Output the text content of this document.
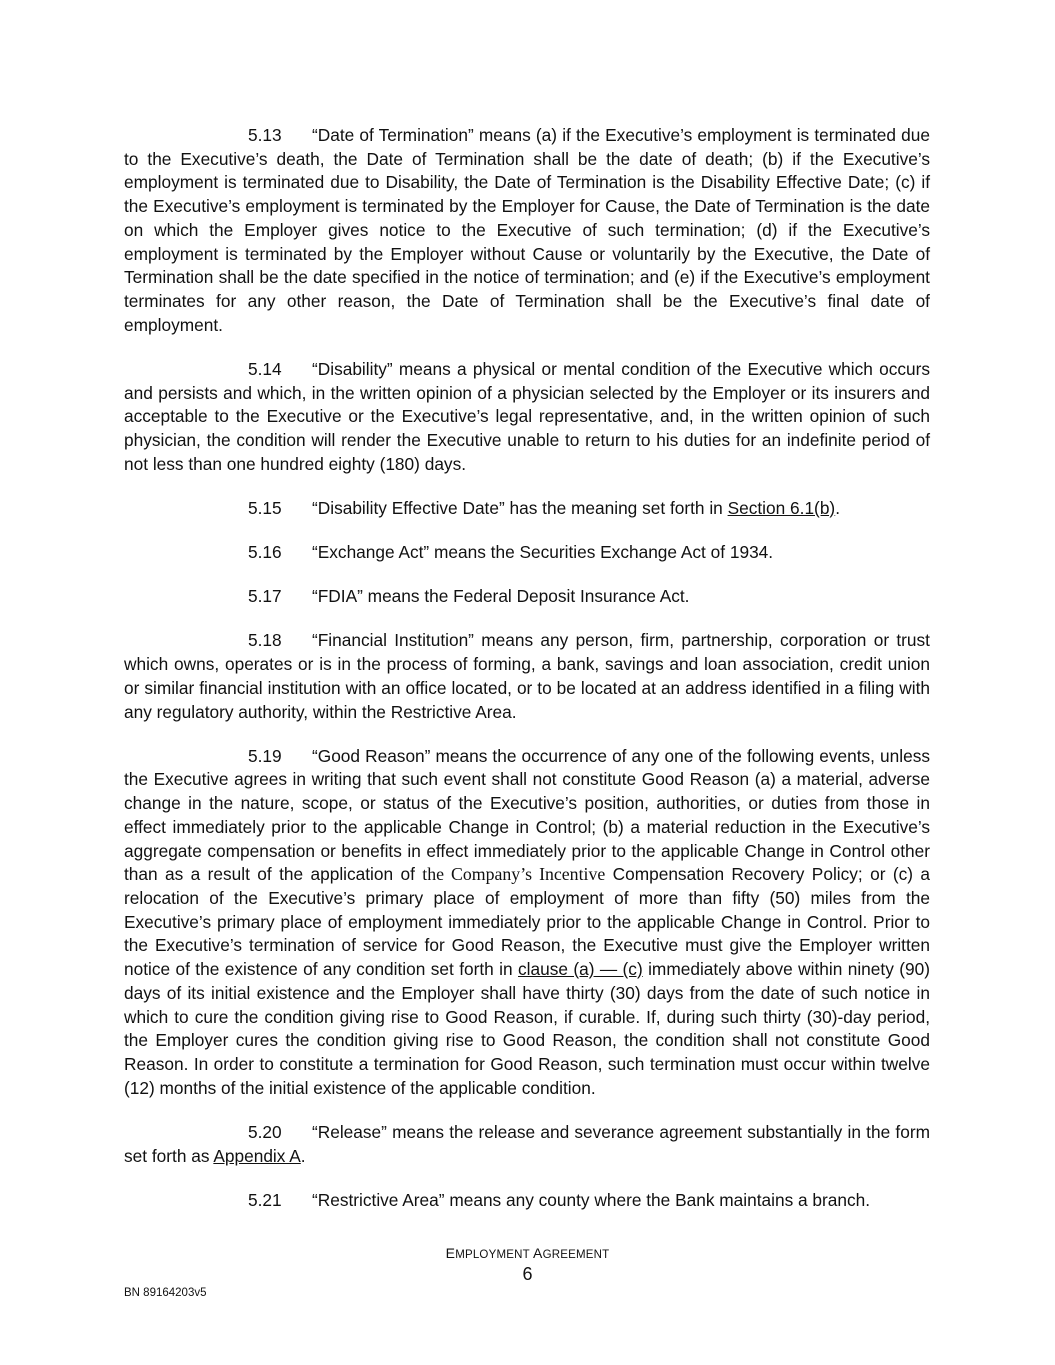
5.13 “Date of Termination” means (a) if the Executive’s employment is terminated due to the Executive’s death, the Date of Termination shall be the date of death; (b) if the Executive’s employment is terminated due to Disability, the Date of Termination is the Disability Effective Date; (c) if the Executive’s employment is terminated by the Employer for Cause, the Date of Termination is the date on which the Employer gives notice to the Executive of such termination; (d) if the Executive’s employment is terminated by the Employer without Cause or voluntarily by the Executive, the Date of Termination shall be the date specified in the notice of termination; and (e) if the Executive’s employment terminates for any other reason, the Date of Termination shall be the Executive’s final date of employment.

5.14 “Disability” means a physical or mental condition of the Executive which occurs and persists and which, in the written opinion of a physician selected by the Employer or its insurers and acceptable to the Executive or the Executive’s legal representative, and, in the written opinion of such physician, the condition will render the Executive unable to return to his duties for an indefinite period of not less than one hundred eighty (180) days.

5.15 “Disability Effective Date” has the meaning set forth in Section 6.1(b).

5.16 “Exchange Act” means the Securities Exchange Act of 1934.

5.17 “FDIA” means the Federal Deposit Insurance Act.

5.18 “Financial Institution” means any person, firm, partnership, corporation or trust which owns, operates or is in the process of forming, a bank, savings and loan association, credit union or similar financial institution with an office located, or to be located at an address identified in a filing with any regulatory authority, within the Restrictive Area.

5.19 “Good Reason” means the occurrence of any one of the following events, unless the Executive agrees in writing that such event shall not constitute Good Reason (a) a material, adverse change in the nature, scope, or status of the Executive’s position, authorities, or duties from those in effect immediately prior to the applicable Change in Control; (b) a material reduction in the Executive’s aggregate compensation or benefits in effect immediately prior to the applicable Change in Control other than as a result of the application of the Company’s Incentive Compensation Recovery Policy; or (c) a relocation of the Executive’s primary place of employment of more than fifty (50) miles from the Executive’s primary place of employment immediately prior to the applicable Change in Control. Prior to the Executive’s termination of service for Good Reason, the Executive must give the Employer written notice of the existence of any condition set forth in clause (a) — (c) immediately above within ninety (90) days of its initial existence and the Employer shall have thirty (30) days from the date of such notice in which to cure the condition giving rise to Good Reason, if curable. If, during such thirty (30)-day period, the Employer cures the condition giving rise to Good Reason, the condition shall not constitute Good Reason. In order to constitute a termination for Good Reason, such termination must occur within twelve (12) months of the initial existence of the applicable condition.

5.20 “Release” means the release and severance agreement substantially in the form set forth as Appendix A.

5.21 “Restrictive Area” means any county where the Bank maintains a branch.

EMPLOYMENT AGREEMENT
6
BN 89164203v5
